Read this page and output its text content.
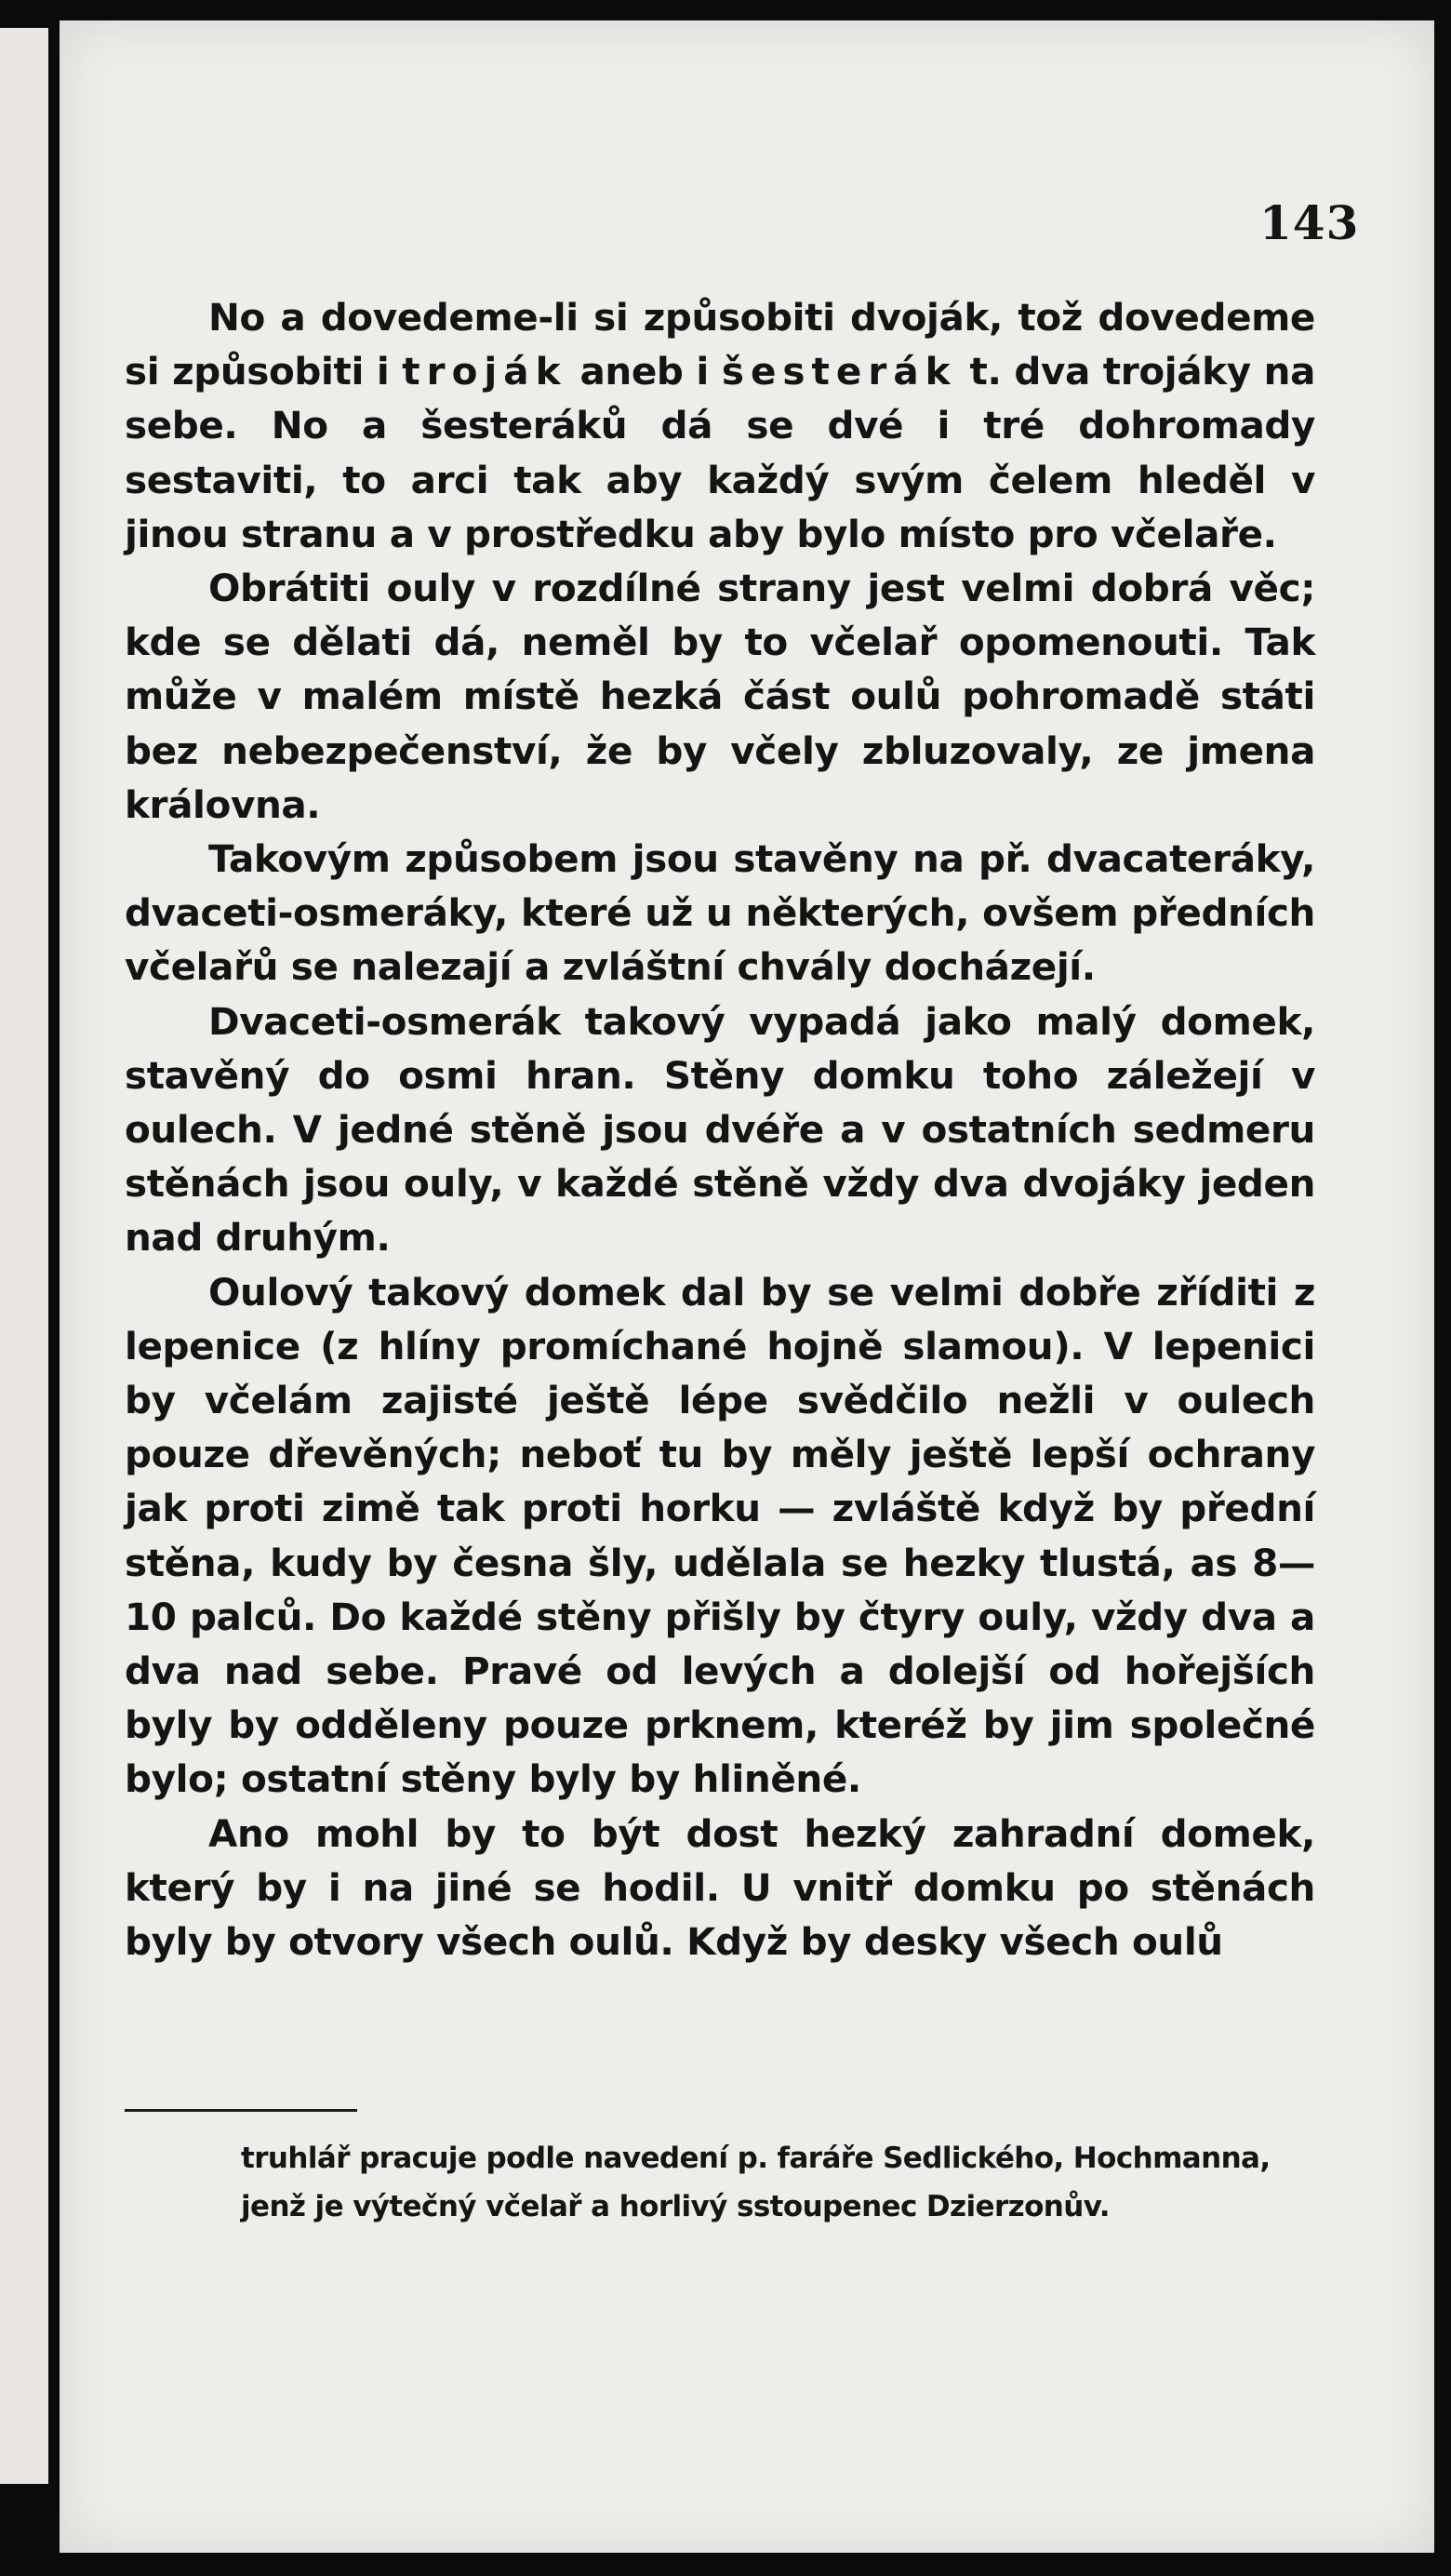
143

No a dovedeme-li si způsobiti dvoják, tož dovedeme si způsobiti i troják aneb i šesterák t. dva trojáky na sebe. No a šesteráků dá se dvé i tré dohromady sestaviti, to arci tak aby každý svým čelem hleděl v jinou stranu a v prostředku aby bylo místo pro včelaře.

Obrátiti ouly v rozdílné strany jest velmi dobrá věc; kde se dělati dá, neměl by to včelař opomenouti. Tak může v malém místě hezká část oulů pohromadě státi bez nebezpečenství, že by včely zbluzovaly, ze jmena královna.

Takovým způsobem jsou stavěny na př. dvacateráky, dvaceti-osmeráky, které už u některých, ovšem předních včelařů se nalezají a zvláštní chvály docházejí.

Dvaceti-osmerák takový vypadá jako malý domek, stavěný do osmi hran. Stěny domku toho záležejí v oulech. V jedné stěně jsou dvéře a v ostatních sedmeru stěnách jsou ouly, v každé stěně vždy dva dvojáky jeden nad druhým.

Oulový takový domek dal by se velmi dobře zříditi z lepenice (z hlíny promíchané hojně slamou). V lepenici by včelám zajisté ještě lépe svědčilo nežli v oulech pouze dřevěných; neboť tu by měly ještě lepší ochrany jak proti zimě tak proti horku — zvláště když by přední stěna, kudy by česna šly, udělala se hezky tlustá, as 8—10 palců. Do každé stěny přišly by čtyry ouly, vždy dva a dva nad sebe. Pravé od levých a dolejší od hořejších byly by odděleny pouze prknem, kteréž by jim společné bylo; ostatní stěny byly by hliněné.

Ano mohl by to být dost hezký zahradní domek, který by i na jiné se hodil. U vnitř domku po stěnách byly by otvory všech oulů. Když by desky všech oulů

truhlář pracuje podle navedení p. faráře Sedlického, Hochmanna, jenž je výtečný včelař a horlivý sstoupenec Dzierzonův.
